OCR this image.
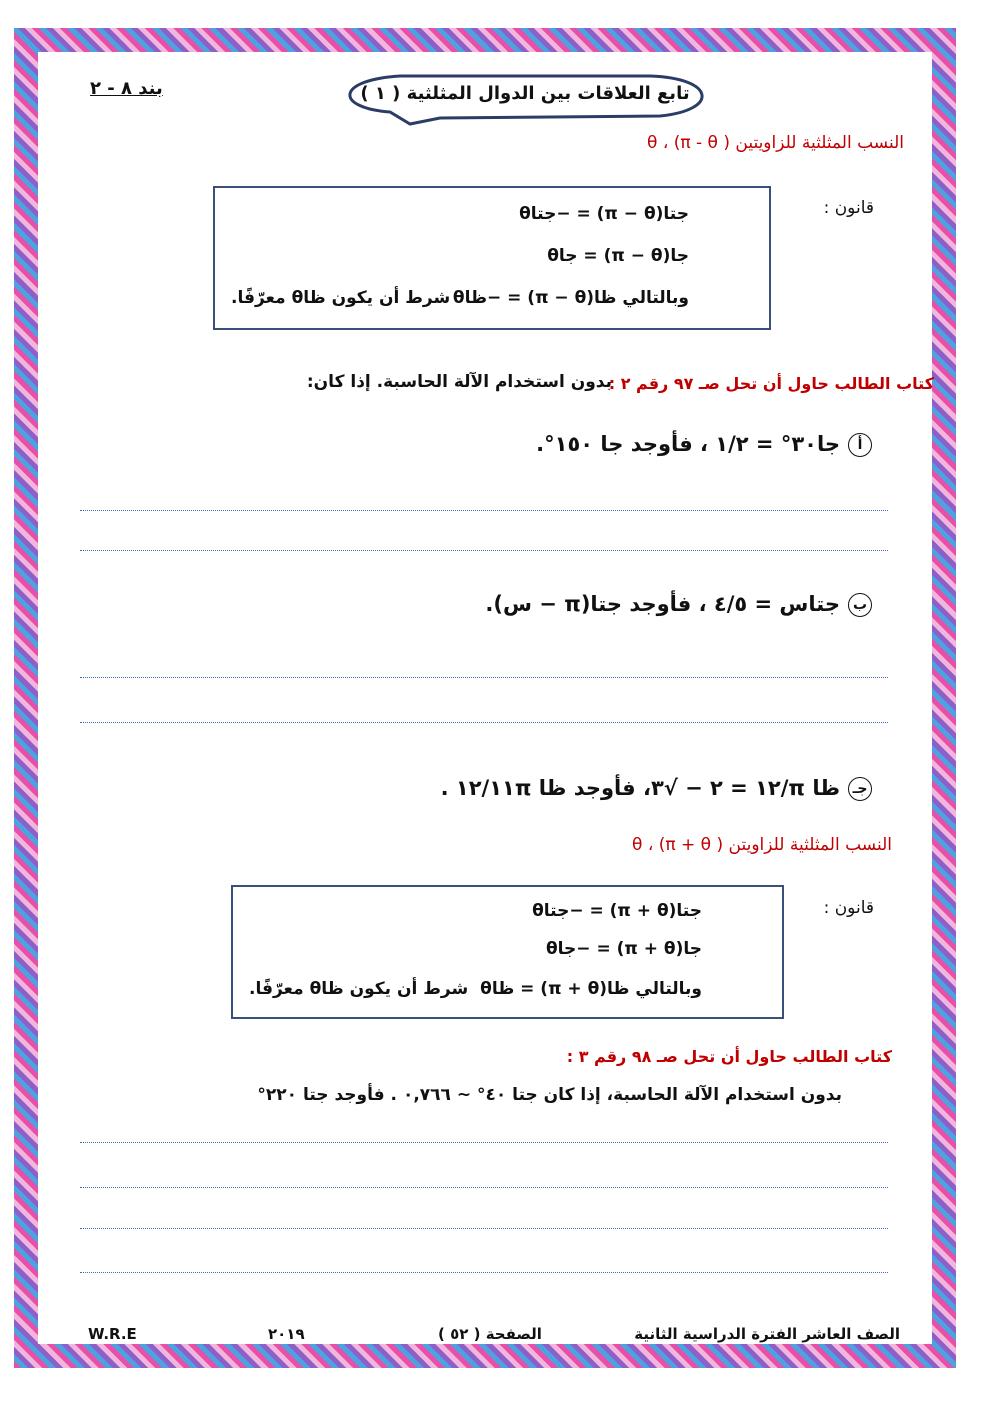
بند ٨ - ٢	تابع العلاقات بين الدوال المثلثية ( ١ )
النسب المثلثية للزاويتين θ ، (π - θ )
قانون :
جتا(π − θ) = −جتاθ
جا(π − θ) = جاθ
وبالتالي ظا(π − θ) = −ظاθ
شرط أن يكون ظاθ معرّفًا.
كتاب الطالب حاول أن تحل صـ ٩٧ رقم ٢ :
بدون استخدام الآلة الحاسبة. إذا كان:
أجا٣٠° = ١/٢ ، فأوجد جا ١٥٠°.
بجتاس = ٤/٥ ، فأوجد جتا(π − س).
جـظا π/١٢ = ٢ − √٣، فأوجد ظا ١١π/١٢ .
النسب المثلثية للزاويتن θ ، (π + θ )
قانون :
جتا(π + θ) = −جتاθ
جا(π + θ) = −جاθ
وبالتالي ظا(π + θ) = ظاθ
شرط أن يكون ظاθ معرّفًا.
كتاب الطالب حاول أن تحل صـ ٩٨ رقم ٣ :
بدون استخدام الآلة الحاسبة، إذا كان جتا ٤٠° ~ ٠,٧٦٦ . فأوجد جتا ٢٢٠°
الصف العاشر الفترة الدراسية الثانية
الصفحة ( ٥٢ )
٢٠١٩
W.R.E
